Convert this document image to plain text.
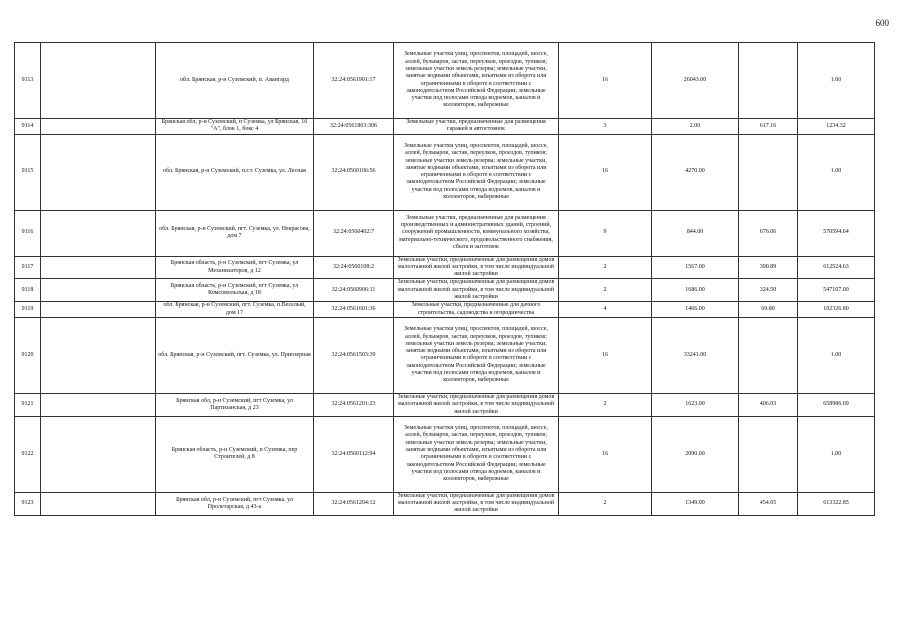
600
9113		обл. Брянская, р-н Суземский, п. Авангард	32:24:0561901:17	Земельные участки улиц, проспектов, площадей, шоссе, аллей, бульваров, застав, переулков, проездов, тупиков; земельные участки земель резерва; земельные участки, занятые водными объектами, изъятыми из оборота или ограниченными в обороте в соответствии с законодательством Российской Федерации; земельные участки под полосами отвода водоемов, каналов и коллекторов, набережные	16	26043.00		1.00
9114		Брянская обл, р-н Суземский, п Суземка, ул Брянская, 16 "А", блок 1, бокс 4	32:24:0561803:306	Земельные участки, предназначенные для размещения гаражей и автостоянок	3	2.00	617.16	1234.32
9115		обл. Брянская, р-н Суземский, п.г.т. Суземка, ул. Лесная	32:24:0560106:56	Земельные участки улиц, проспектов, площадей, шоссе, аллей, бульваров, застав, переулков, проездов, тупиков; земельные участки земель резерва; земельные участки, занятые водными объектами, изъятыми из оборота или ограниченными в обороте в соответствии с законодательством Российской Федерации; земельные участки под полосами отвода водоемов, каналов и коллекторов, набережные	16	4270.00		1.00
9116		обл. Брянская, р-н Суземский, пгт. Суземка, ул. Некрасова, дом 7	32:24:0560402:7	Земельные участки, предназначенные для размещения производственных и административных зданий, строений, сооружений промышленности, коммунального хозяйства, материально-технического, продовольственного снабжения, сбыта и заготовок	9	844.00	676.06	570594.64
9117		Брянская область, р-н Суземский, пгт Суземка, ул Механизаторов, д 12	32:24:0560108:2	Земельные участки, предназначенные для размещения домов малоэтажной жилой застройки, в том числе индивидуальной жилой застройки	2	1567.00	390.89	612524.63
9118		Брянская область, р-н Суземский, пгт Суземка, ул Комсомольская, д 18	32:24:0560906:11	Земельные участки, предназначенные для размещения домов малоэтажной жилой застройки, в том числе индивидуальной жилой застройки	2	1686.00	324.50	547107.00
9119		обл. Брянская, р-н Суземский, пгт. Суземка, п.Веселый, дом 17	32:24:0561601:36	Земельные участки, предназначенные для дачного строительства, садоводства и огородничества	4	1466.00	69.80	102326.80
9120		обл. Брянская, р-н Суземский, пгт. Суземка, ул. Приозерная	32:24:0561503:39	Земельные участки улиц, проспектов, площадей, шоссе, аллей, бульваров, застав, переулков, проездов, тупиков; земельные участки земель резерва; земельные участки, занятые водными объектами, изъятыми из оборота или ограниченными в обороте в соответствии с законодательством Российской Федерации; земельные участки под полосами отвода водоемов, каналов и коллекторов, набережные	16	33241.00		1.00
9121		Брянская обл, р-н Суземский, пгт Суземка, ул Партизанская, д 23	32:24:0561201:23	Земельные участки, предназначенные для размещения домов малоэтажной жилой застройки, в том числе индивидуальной жилой застройки	2	1623.00	406.03	658986.69
9122		Брянская область, р-н Суземский, п Суземка, пер Строителей, д 8	32:24:0560112:94	Земельные участки улиц, проспектов, площадей, шоссе, аллей, бульваров, застав, переулков, проездов, тупиков; земельные участки земель резерва; земельные участки, занятые водными объектами, изъятыми из оборота или ограниченными в обороте в соответствии с законодательством Российской Федерации; земельные участки под полосами отвода водоемов, каналов и коллекторов, набережные	16	2090.00		1.00
9123		Брянская обл, р-н Суземский, пгт Суземка, ул Пролетарская, д 43-а	32:24:0561204:12	Земельные участки, предназначенные для размещения домов малоэтажной жилой застройки, в том числе индивидуальной жилой застройки	2	1349.00	454.65	613322.85
